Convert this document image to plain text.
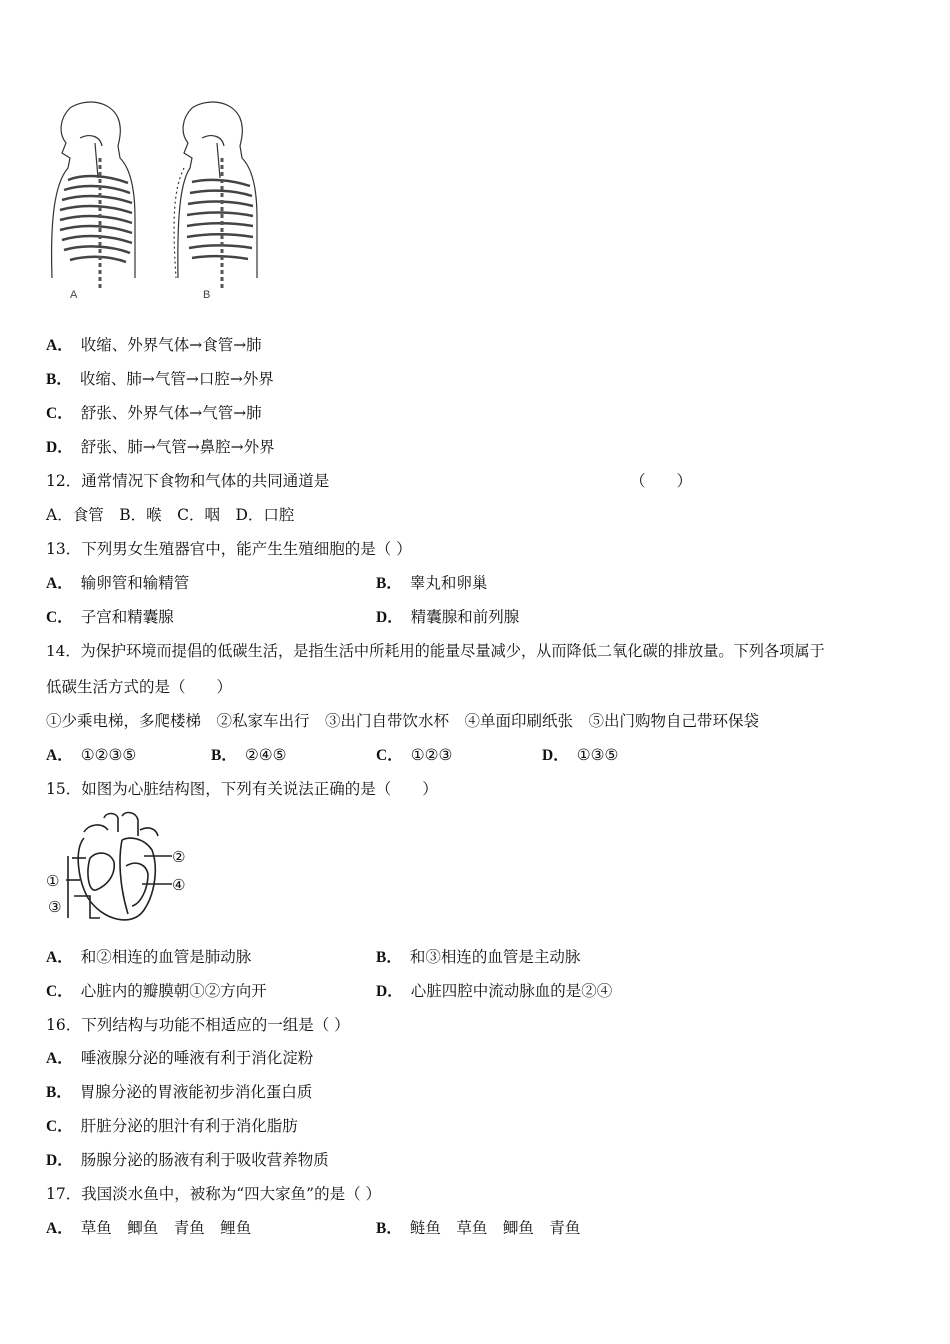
A	B
A． 收缩、外界气体→食管→肺
B． 收缩、肺→气管→口腔→外界
C． 舒张、外界气体→气管→肺
D． 舒张、肺→气管→鼻腔→外界
12．通常情况下食物和气体的共同通道是	（　　）
A．食管　B．喉　C．咽　D．口腔
13．下列男女生殖器官中，能产生生殖细胞的是（ ）
A． 输卵管和输精管	B． 睾丸和卵巢
C． 子宫和精囊腺	D． 精囊腺和前列腺
14．为保护环境而提倡的低碳生活，是指生活中所耗用的能量尽量减少，从而降低二氧化碳的排放量。下列各项属于
低碳生活方式的是（　　）
①少乘电梯，多爬楼梯　②私家车出行　③出门自带饮水杯　④单面印刷纸张　⑤出门购物自己带环保袋
A． ①②③⑤	B． ②④⑤	C． ①②③	D． ①③⑤
15．如图为心脏结构图，下列有关说法正确的是（　　）
①
②
③
④
A． 和②相连的血管是肺动脉	B． 和③相连的血管是主动脉
C． 心脏内的瓣膜朝①②方向开	D． 心脏四腔中流动脉血的是②④
16．下列结构与功能不相适应的一组是（ ）
A． 唾液腺分泌的唾液有利于消化淀粉
B． 胃腺分泌的胃液能初步消化蛋白质
C． 肝脏分泌的胆汁有利于消化脂肪
D． 肠腺分泌的肠液有利于吸收营养物质
17．我国淡水鱼中，被称为“四大家鱼”的是（ ）
A． 草鱼　鲫鱼　青鱼　鲤鱼	B． 鲢鱼　草鱼　鲫鱼　青鱼
